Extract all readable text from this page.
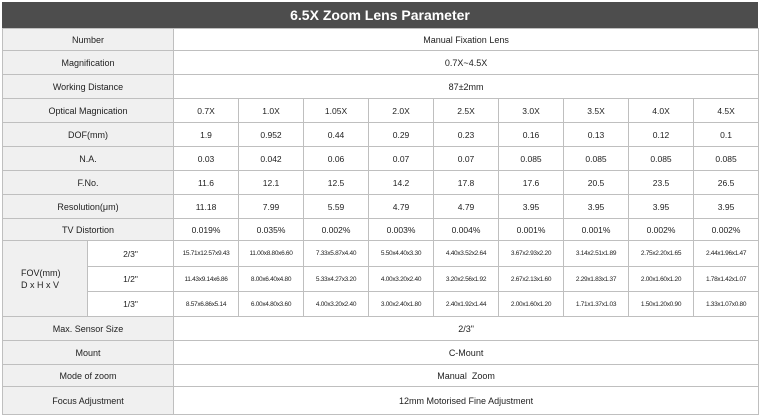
6.5X Zoom Lens Parameter
Number		Manual Fixation Lens								
Magnification		0.7X~4.5X								
Working Distance		87±2mm								
Optical Magnication		0.7X	1.0X	1.05X	2.0X	2.5X	3.0X	3.5X	4.0X	4.5X
DOF(mm)		1.9	0.952	0.44	0.29	0.23	0.16	0.13	0.12	0.1
N.A.		0.03	0.042	0.06	0.07	0.07	0.085	0.085	0.085	0.085
F.No.		11.6	12.1	12.5	14.2	17.8	17.6	20.5	23.5	26.5
Resolution(μm)		11.18	7.99	5.59	4.79	4.79	3.95	3.95	3.95	3.95
TV Distortion		0.019%	0.035%	0.002%	0.003%	0.004%	0.001%	0.001%	0.002%	0.002%
FOV(mm)
D x H x V	2/3"	15.71x12.57x9.43	11.00x8.80x6.60	7.33x5.87x4.40	5.50x4.40x3.30	4.40x3.52x2.64	3.67x2.93x2.20	3.14x2.51x1.89	2.75x2.20x1.65	2.44x1.96x1.47
	1/2"	11.43x9.14x6.86	8.00x6.40x4.80	5.33x4.27x3.20	4.00x3.20x2.40	3.20x2.56x1.92	2.67x2.13x1.60	2.29x1.83x1.37	2.00x1.60x1.20	1.78x1.42x1.07
	1/3"	8.57x6.86x5.14	6.00x4.80x3.60	4.00x3.20x2.40	3.00x2.40x1.80	2.40x1.92x1.44	2.00x1.60x1.20	1.71x1.37x1.03	1.50x1.20x0.90	1.33x1.07x0.80
Max. Sensor Size		2/3"								
Mount		C-Mount								
Mode of zoom		Manual  Zoom								
Focus Adjustment		12mm Motorised Fine Adjustment								
